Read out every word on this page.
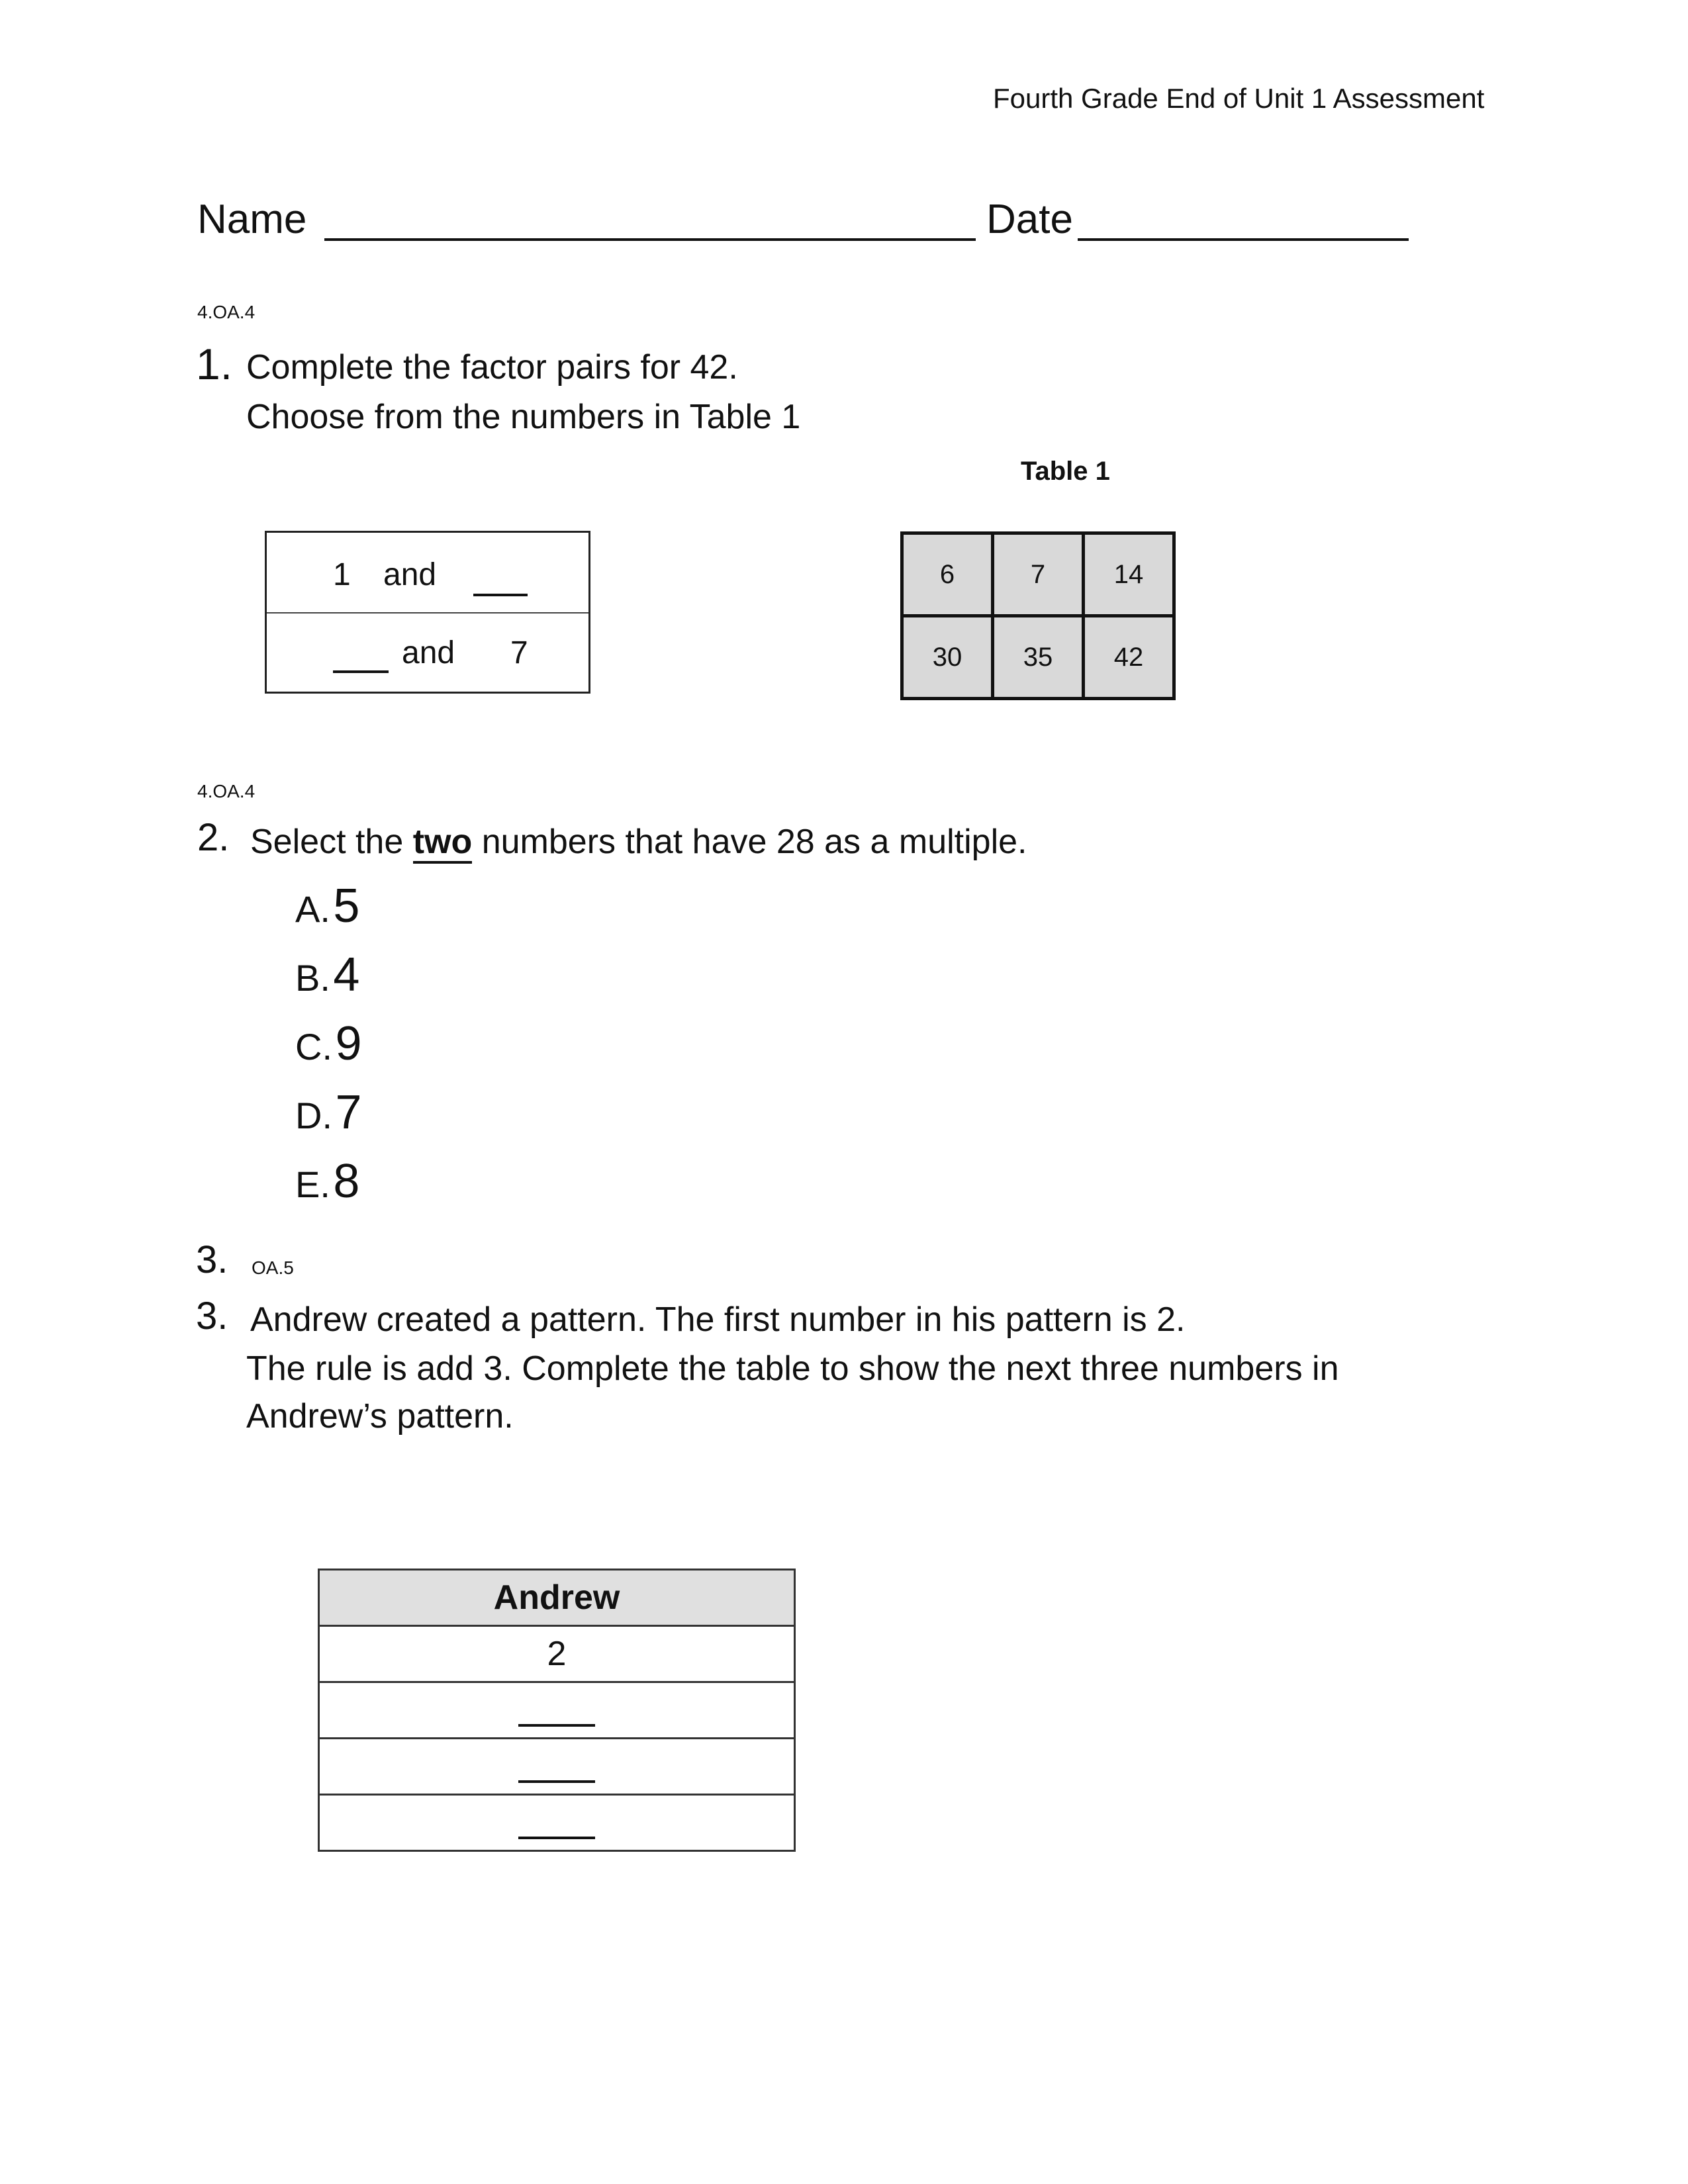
Fourth Grade End of Unit 1 Assessment
Name	Date
4.OA.4
1. Complete the factor pairs for 42.
Choose from the numbers in Table 1
1 and
and 7
Table 1
6	7	14
30	35	42
4.OA.4
2. Select the two numbers that have 28 as a multiple.
A. 5
B. 4
C. 9
D. 7
E. 8
3. OA.5
3. Andrew created a pattern. The first number in his pattern is 2.
The rule is add 3. Complete the table to show the next three numbers in
Andrew’s pattern.
Andrew
2
